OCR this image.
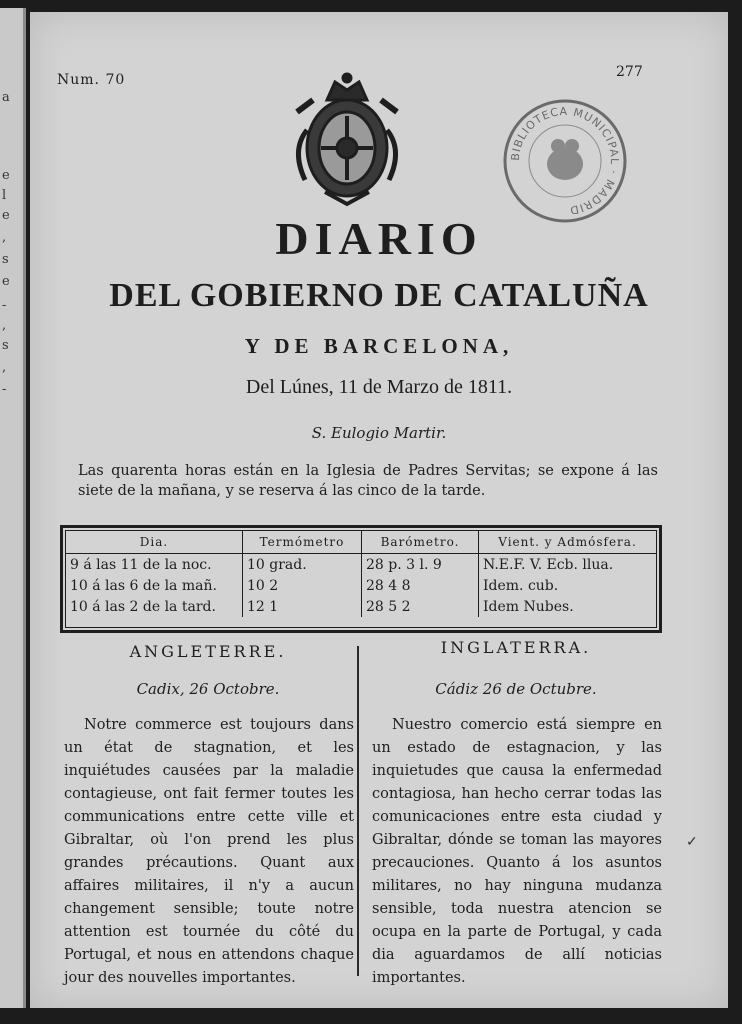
a
e
l
e
,
s
e
-
,
s
,
-
Num. 70	277
BIBLIOTECA MUNICIPAL · MADRID
DIARIO
DEL GOBIERNO DE CATALUÑA
Y DE BARCELONA,
Del Lúnes, 11 de Marzo de 1811.
S. Eulogio Martir.
Las quarenta horas están en la Iglesia de Padres Servitas; se expone á las siete de la mañana, y se reserva á las cinco de la tarde.
Dia.	Termómetro	Barómetro.	Vient. y Admósfera.
9 á las 11 de la noc.	10 grad.	28 p. 3 l. 9	N.E.F. V. Ecb. llua.
10 á las 6 de la mañ.	10 2	28 4 8	Idem. cub.
10 á las 2 de la tard.	12 1	28 5 2	Idem Nubes.
ANGLETERRE.
Cadix, 26 Octobre.
Notre commerce est toujours dans un état de stagnation, et les inquiétudes causées par la maladie contagieuse, ont fait fermer toutes les communications entre cette ville et Gibraltar, où l'on prend les plus grandes précautions. Quant aux affaires militaires, il n'y a aucun changement sensible; toute notre attention est tournée du côté du Portugal, et nous en attendons chaque jour des nouvelles importantes.
INGLATERRA.
Cádiz 26 de Octubre.
Nuestro comercio está siempre en un estado de estagnacion, y las inquietudes que causa la enfermedad contagiosa, han hecho cerrar todas las comunicaciones entre esta ciudad y Gibraltar, dónde se toman las mayores precauciones. Quanto á los asuntos militares, no hay ninguna mudanza sensible, toda nuestra atencion se ocupa en la parte de Portugal, y cada dia aguardamos de allí noticias importantes.
✓
